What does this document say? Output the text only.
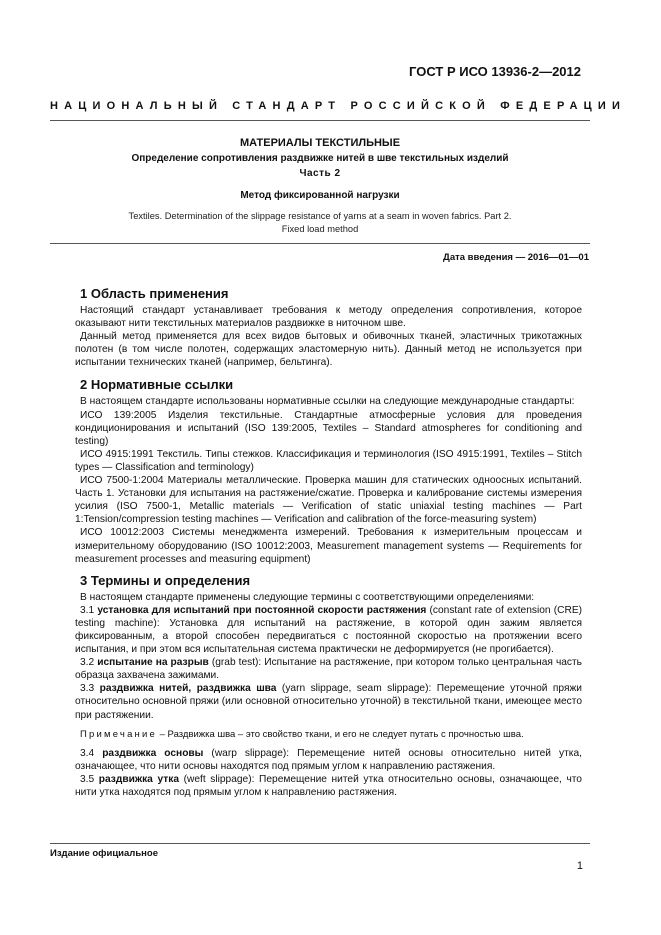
ГОСТ Р ИСО 13936-2—2012
НАЦИОНАЛЬНЫЙ СТАНДАРТ РОССИЙСКОЙ ФЕДЕРАЦИИ
МАТЕРИАЛЫ ТЕКСТИЛЬНЫЕ
Определение сопротивления раздвижке нитей в шве текстильных изделий
Часть 2
Метод фиксированной нагрузки
Textiles. Determination of the slippage resistance of yarns at a seam in woven fabrics. Part 2.
Fixed load method
Дата введения — 2016—01—01
1 Область применения

Настоящий стандарт устанавливает требования к методу определения сопротивления, которое оказывают нити текстильных материалов раздвижке в ниточном шве.

Данный метод применяется для всех видов бытовых и обивочных тканей, эластичных трикотажных полотен (в том числе полотен, содержащих эластомерную нить). Данный метод не используется при испытании технических тканей (например, бельтинга).

2 Нормативные ссылки

В настоящем стандарте использованы нормативные ссылки на следующие международные стандарты:

ИСО 139:2005 Изделия текстильные. Стандартные атмосферные условия для проведения кондиционирования и испытаний (ISO 139:2005, Textiles – Standard atmospheres for conditioning and testing)

ИСО 4915:1991 Текстиль. Типы стежков. Классификация и терминология (ISO 4915:1991, Textiles – Stitch types — Classification and terminology)

ИСО 7500-1:2004 Материалы металлические. Проверка машин для статических одноосных испытаний. Часть 1. Установки для испытания на растяжение/сжатие. Проверка и калибрование системы измерения усилия (ISO 7500-1, Metallic materials — Verification of static uniaxial testing machines — Part 1:Tension/compression testing machines — Verification and calibration of the force-measuring system)

ИСО 10012:2003 Системы менеджмента измерений. Требования к измерительным процессам и измерительному оборудованию (ISO 10012:2003, Measurement management systems — Requirements for measurement processes and measuring equipment)

3 Термины и определения

В настоящем стандарте применены следующие термины с соответствующими определениями:

3.1 установка для испытаний при постоянной скорости растяжения (constant rate of extension (CRE) testing machine): Установка для испытаний на растяжение, в которой один зажим является фиксированным, а второй способен передвигаться с постоянной скоростью на протяжении всего испытания, и при этом вся испытательная система практически не деформируется (не прогибается).

3.2 испытание на разрыв (grab test): Испытание на растяжение, при котором только центральная часть образца захвачена зажимами.

3.3 раздвижка нитей, раздвижка шва (yarn slippage, seam slippage): Перемещение уточной пряжи относительно основной пряжи (или основной относительно уточной) в текстильной ткани, имеющее место при растяжении.

Примечание – Раздвижка шва – это свойство ткани, и его не следует путать с прочностью шва.

3.4 раздвижка основы (warp slippage): Перемещение нитей основы относительно нитей утка, означающее, что нити основы находятся под прямым углом к направлению растяжения.

3.5 раздвижка утка (weft slippage): Перемещение нитей утка относительно основы, означающее, что нити утка находятся под прямым углом к направлению растяжения.

Издание официальное
1
